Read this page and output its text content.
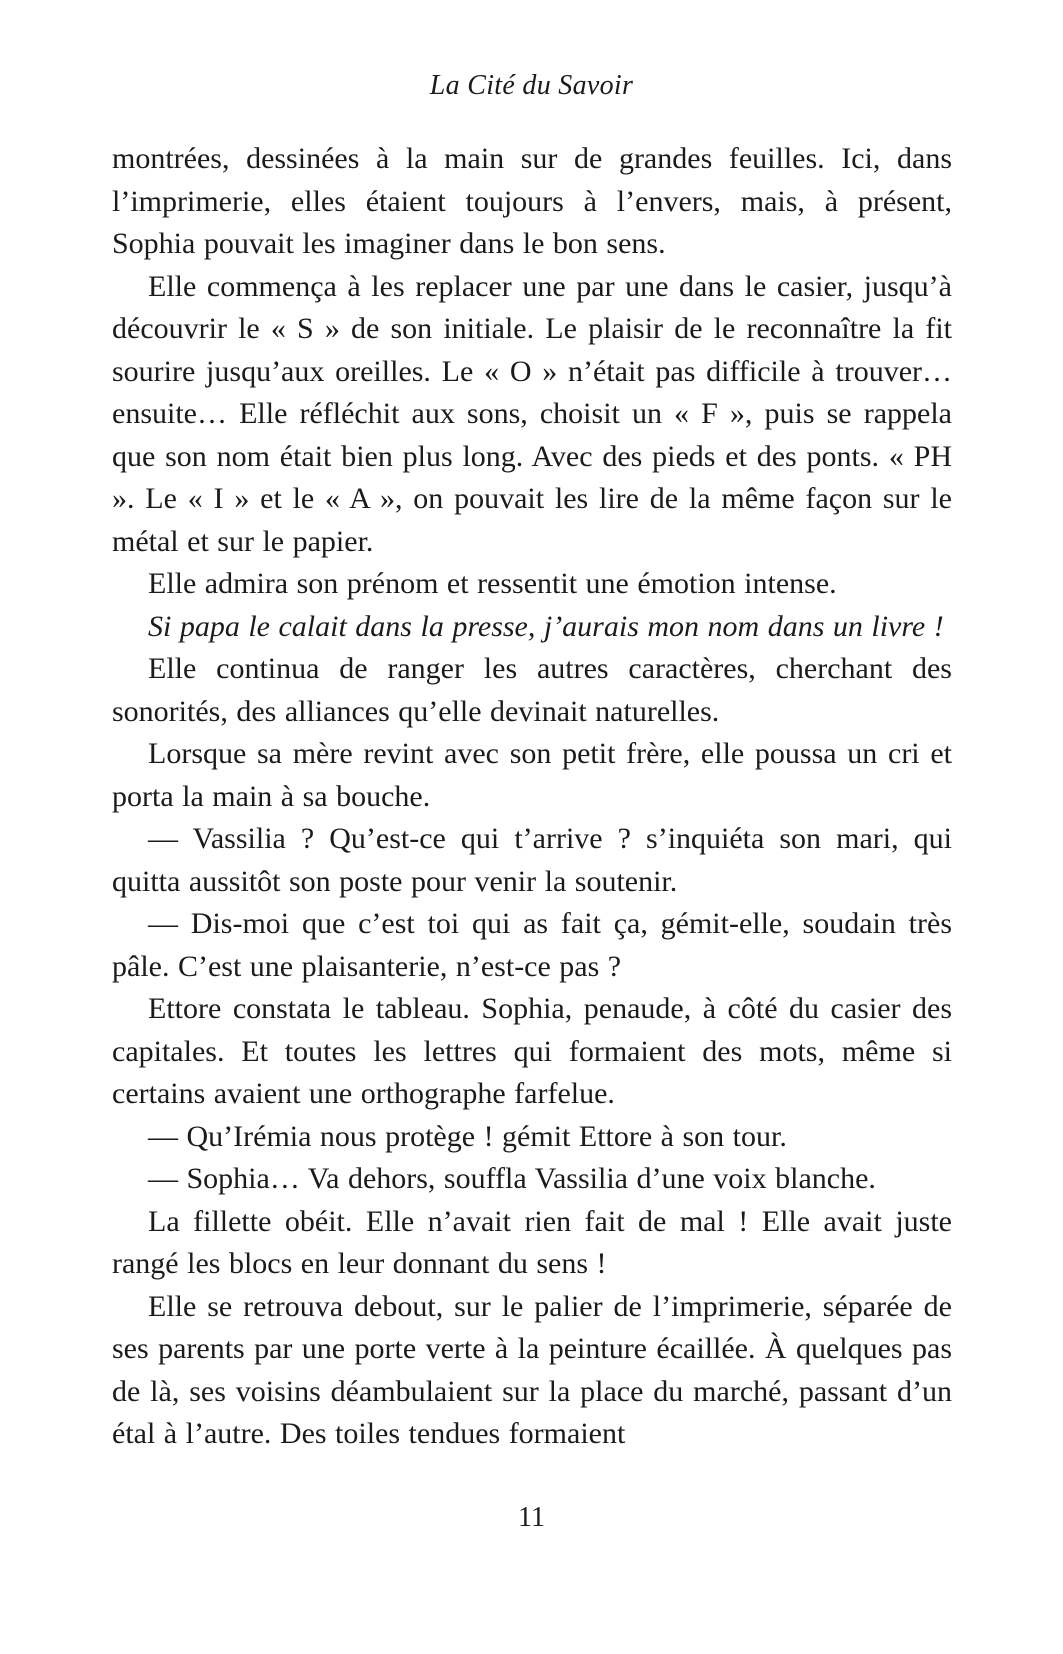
La Cité du Savoir

montrées, dessinées à la main sur de grandes feuilles. Ici, dans l’imprimerie, elles étaient toujours à l’envers, mais, à présent, Sophia pouvait les imaginer dans le bon sens.

Elle commença à les replacer une par une dans le casier, jusqu’à découvrir le « S » de son initiale. Le plaisir de le reconnaître la fit sourire jusqu’aux oreilles. Le « O » n’était pas difficile à trouver… ensuite… Elle réfléchit aux sons, choisit un « F », puis se rappela que son nom était bien plus long. Avec des pieds et des ponts. « PH ». Le « I » et le « A », on pouvait les lire de la même façon sur le métal et sur le papier.

Elle admira son prénom et ressentit une émotion intense.

Si papa le calait dans la presse, j’aurais mon nom dans un livre !

Elle continua de ranger les autres caractères, cherchant des sonorités, des alliances qu’elle devinait naturelles.

Lorsque sa mère revint avec son petit frère, elle poussa un cri et porta la main à sa bouche.

— Vassilia ? Qu’est-ce qui t’arrive ? s’inquiéta son mari, qui quitta aussitôt son poste pour venir la soutenir.

— Dis-moi que c’est toi qui as fait ça, gémit-elle, soudain très pâle. C’est une plaisanterie, n’est-ce pas ?

Ettore constata le tableau. Sophia, penaude, à côté du casier des capitales. Et toutes les lettres qui formaient des mots, même si certains avaient une orthographe farfelue.

— Qu’Irémia nous protège ! gémit Ettore à son tour.

— Sophia… Va dehors, souffla Vassilia d’une voix blanche.

La fillette obéit. Elle n’avait rien fait de mal ! Elle avait juste rangé les blocs en leur donnant du sens !

Elle se retrouva debout, sur le palier de l’imprimerie, séparée de ses parents par une porte verte à la peinture écaillée. À quelques pas de là, ses voisins déambulaient sur la place du marché, passant d’un étal à l’autre. Des toiles tendues formaient

11
